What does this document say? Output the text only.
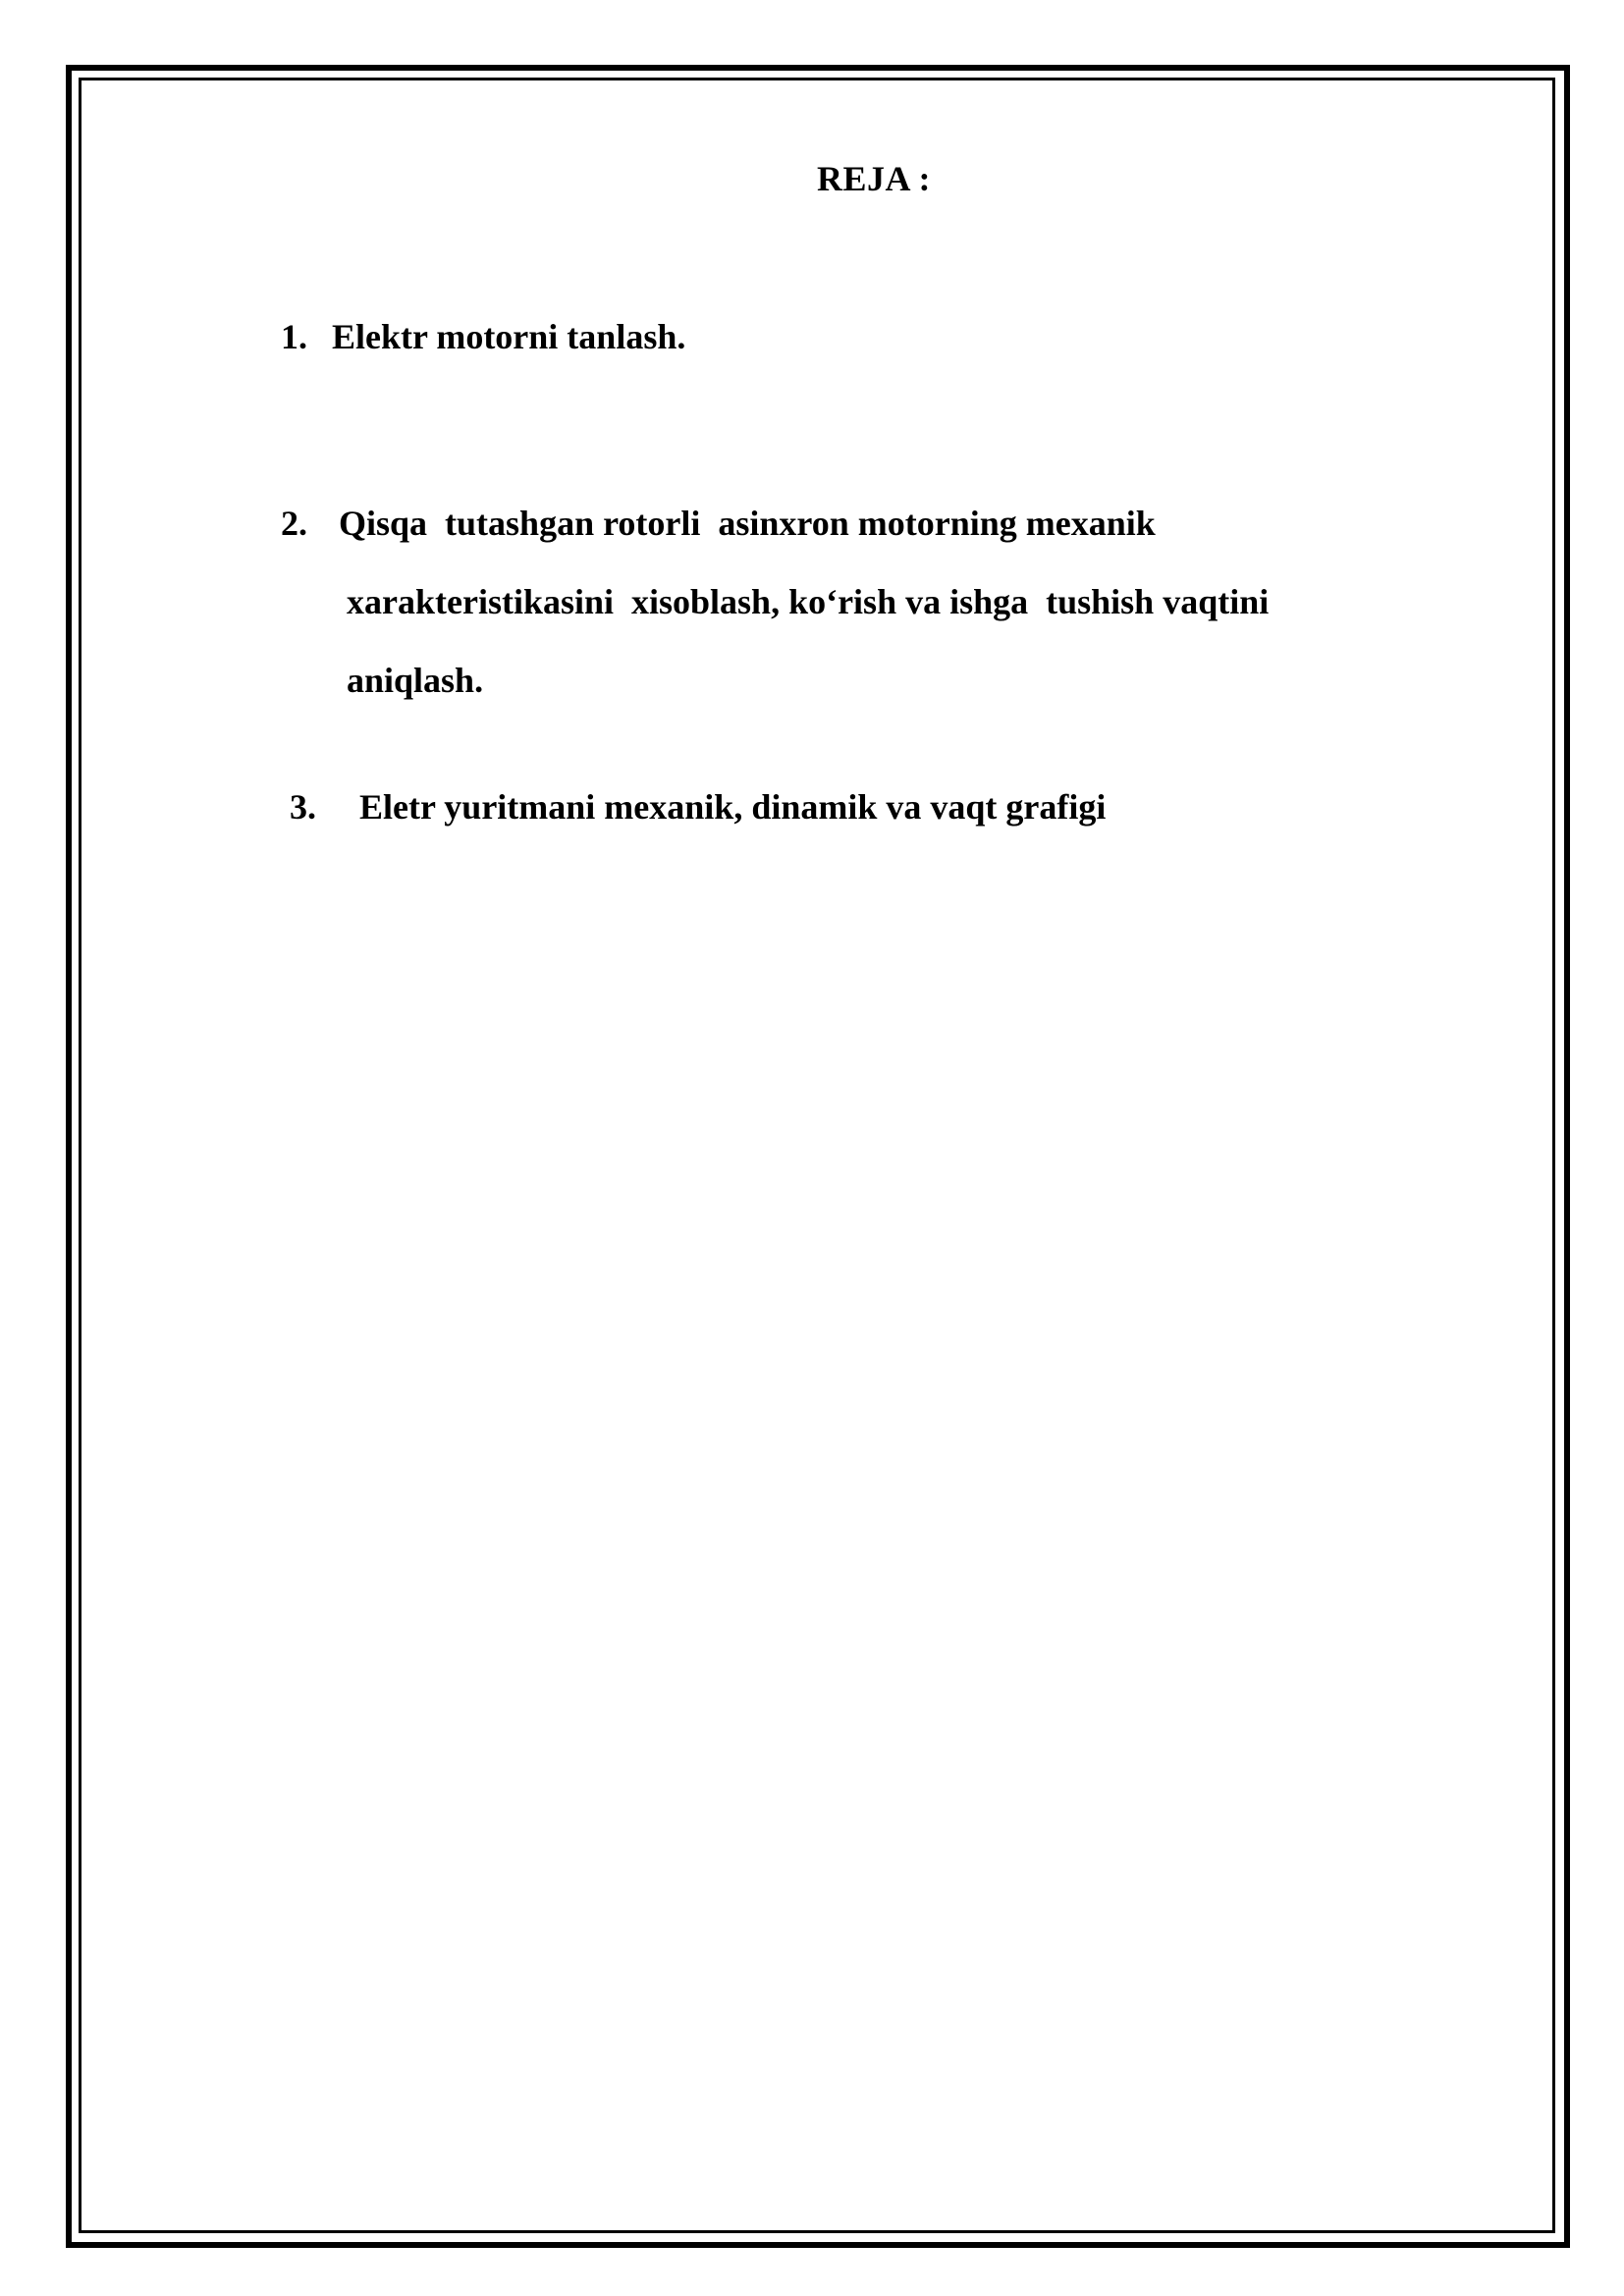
REJA :
1. Elektr motorni tanlash.
2. Qisqa  tutashgan rotorli  asinxron motorning mexanik
xarakteristikasini  xisoblash, ko‘rish va ishga  tushish vaqtini
aniqlash.
3. Eletr yuritmani mexanik, dinamik va vaqt grafigi
